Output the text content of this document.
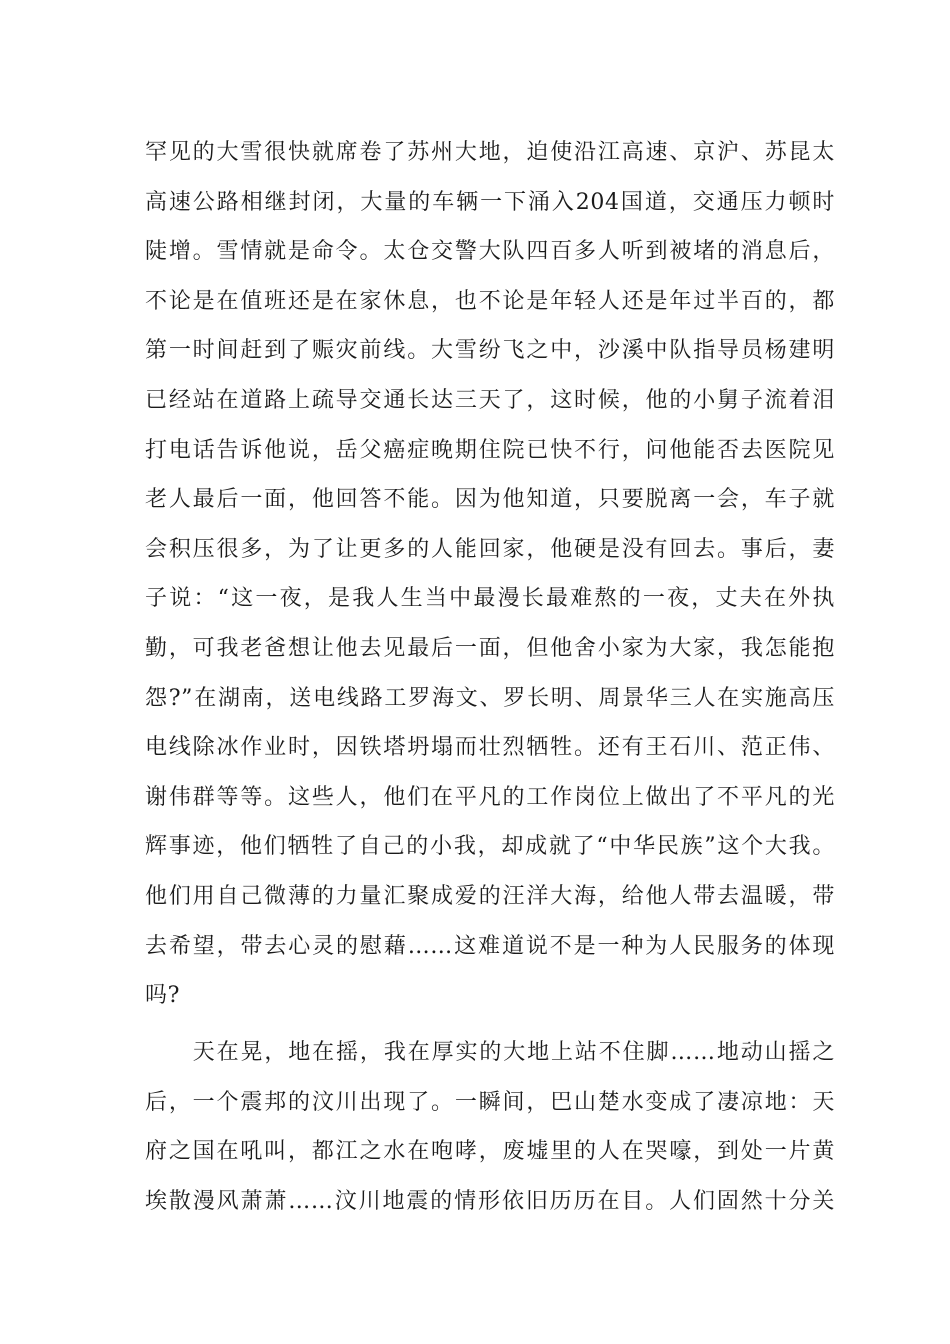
罕见的大雪很快就席卷了苏州大地，迫使沿江高速、京沪、苏昆太
高速公路相继封闭，大量的车辆一下涌入204国道，交通压力顿时
陡增。雪情就是命令。太仓交警大队四百多人听到被堵的消息后，
不论是在值班还是在家休息，也不论是年轻人还是年过半百的，都
第一时间赶到了赈灾前线。大雪纷飞之中，沙溪中队指导员杨建明
已经站在道路上疏导交通长达三天了，这时候，他的小舅子流着泪
打电话告诉他说，岳父癌症晚期住院已快不行，问他能否去医院见
老人最后一面，他回答不能。因为他知道，只要脱离一会，车子就
会积压很多，为了让更多的人能回家，他硬是没有回去。事后，妻
子说：“这一夜，是我人生当中最漫长最难熬的一夜，丈夫在外执
勤，可我老爸想让他去见最后一面，但他舍小家为大家，我怎能抱
怨?”在湖南，送电线路工罗海文、罗长明、周景华三人在实施高压
电线除冰作业时，因铁塔坍塌而壮烈牺牲。还有王石川、范正伟、
谢伟群等等。这些人，他们在平凡的工作岗位上做出了不平凡的光
辉事迹，他们牺牲了自己的小我，却成就了“中华民族”这个大我。
他们用自己微薄的力量汇聚成爱的汪洋大海，给他人带去温暖，带
去希望，带去心灵的慰藉……这难道说不是一种为人民服务的体现
吗?
　　天在晃，地在摇，我在厚实的大地上站不住脚……地动山摇之
后，一个震邦的汶川出现了。一瞬间，巴山楚水变成了凄凉地：天
府之国在吼叫，都江之水在咆哮，废墟里的人在哭嚎，到处一片黄
埃散漫风萧萧……汶川地震的情形依旧历历在目。人们固然十分关
